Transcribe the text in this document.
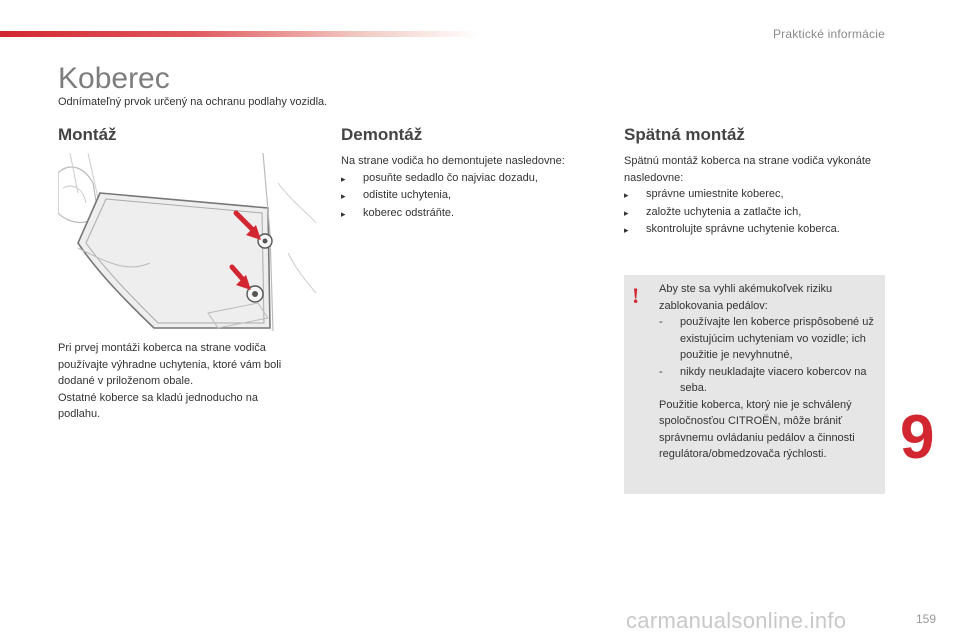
Praktické informácie
Koberec
Odnímateľný prvok určený na ochranu podlahy vozidla.
Montáž

Pri prvej montáži koberca na strane vodiča používajte výhradne uchytenia, ktoré vám boli dodané v priloženom obale.

Ostatné koberce sa kladú jednoducho na podlahu.

Demontáž

Na strane vodiča ho demontujete nasledovne:

▸	posuňte sedadlo čo najviac dozadu,
▸	odistite uchytenia,
▸	koberec odstráňte.
Spätná montáž

Spätnú montáž koberca na strane vodiča vykonáte nasledovne:

▸	správne umiestnite koberec,
▸	založte uchytenia a zatlačte ich,
▸	skontrolujte správne uchytenie koberca.
! Aby ste sa vyhli akémukoľvek riziku zablokovania pedálov:

-	používajte len koberce prispôsobené už existujúcim uchyteniam vo vozidle; ich použitie je nevyhnutné,
-	nikdy neukladajte viacero kobercov na seba.

Použitie koberca, ktorý nie je schválený spoločnosťou CITROËN, môže brániť správnemu ovládaniu pedálov a činnosti regulátora/obmedzovača rýchlosti.	9
carmanualsonline.info	159
